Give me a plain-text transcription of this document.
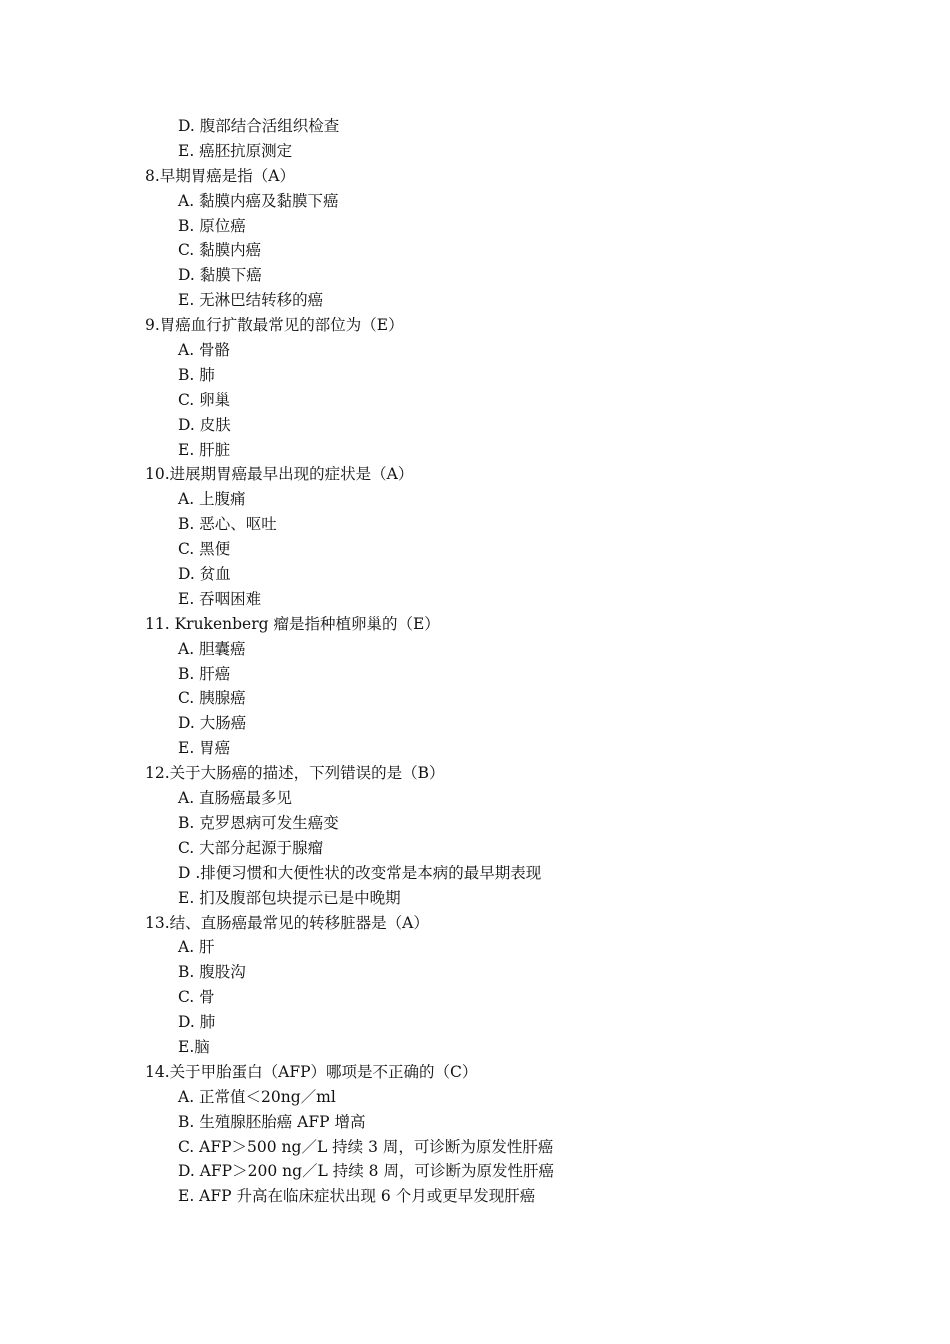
D. 腹部结合活组织检查
E. 癌胚抗原测定
8.早期胃癌是指（A）
A. 黏膜内癌及黏膜下癌
B. 原位癌
C. 黏膜内癌
D. 黏膜下癌
E. 无淋巴结转移的癌
9.胃癌血行扩散最常见的部位为（E）
A. 骨骼
B. 肺
C. 卵巢
D. 皮肤
E. 肝脏
10.进展期胃癌最早出现的症状是（A）
A. 上腹痛
B. 恶心、呕吐
C. 黑便
D. 贫血
E. 吞咽困难
11. Krukenberg 瘤是指种植卵巢的（E）
A. 胆囊癌
B. 肝癌
C. 胰腺癌
D. 大肠癌
E. 胃癌
12.关于大肠癌的描述，下列错误的是（B）
A. 直肠癌最多见
B. 克罗恩病可发生癌变
C. 大部分起源于腺瘤
D .排便习惯和大便性状的改变常是本病的最早期表现
E. 扪及腹部包块提示已是中晚期
13.结、直肠癌最常见的转移脏器是（A）
A. 肝
B. 腹股沟
C. 骨
D. 肺
E.脑
14.关于甲胎蛋白（AFP）哪项是不正确的（C）
A. 正常值＜20ng／ml
B. 生殖腺胚胎癌 AFP 增高
C. AFP＞500 ng／L 持续 3 周，可诊断为原发性肝癌
D. AFP＞200 ng／L 持续 8 周，可诊断为原发性肝癌
E. AFP 升高在临床症状出现 6 个月或更早发现肝癌
